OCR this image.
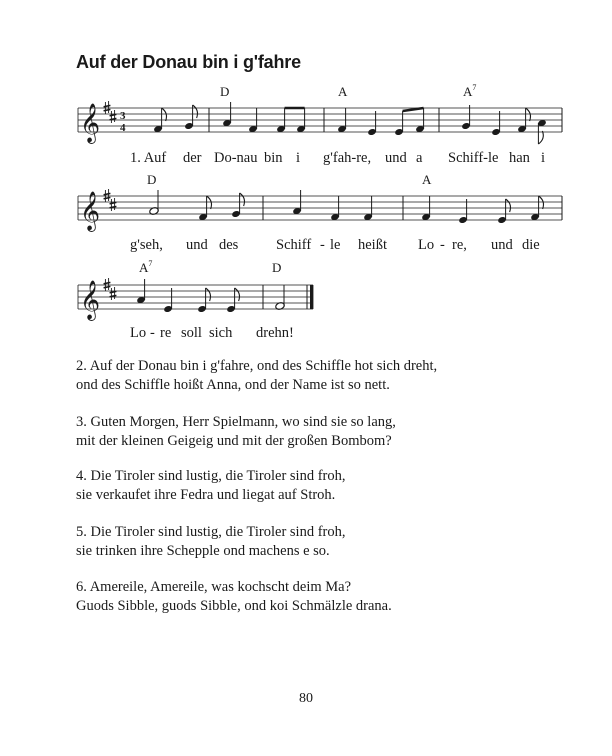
Auf der Donau bin i g'fahre
𝄞 3
4
D	A	$A^7$
1. Auf der Do-nau bin i g'fah-re, und a Schiff-le han i
𝄞
D	A
g'seh, und des	Schiff - le heißt Lo - re, und die
𝄞
$A^7$	D
Lo - re soll sich drehn!
2. Auf der Donau bin i g'fahre, ond des Schiffle hot sich dreht,
ond des Schiffle hoißt Anna, ond der Name ist so nett.
3. Guten Morgen, Herr Spielmann, wo sind sie so lang,
mit der kleinen Geigeig und mit der großen Bombom?
4. Die Tiroler sind lustig, die Tiroler sind froh,
sie verkaufet ihre Fedra und liegat auf Stroh.
5. Die Tiroler sind lustig, die Tiroler sind froh,
sie trinken ihre Schepple ond machens e so.
6. Amereile, Amereile, was kochscht deim Ma?
Guods Sibble, guods Sibble, ond koi Schmälzle drana.
80
